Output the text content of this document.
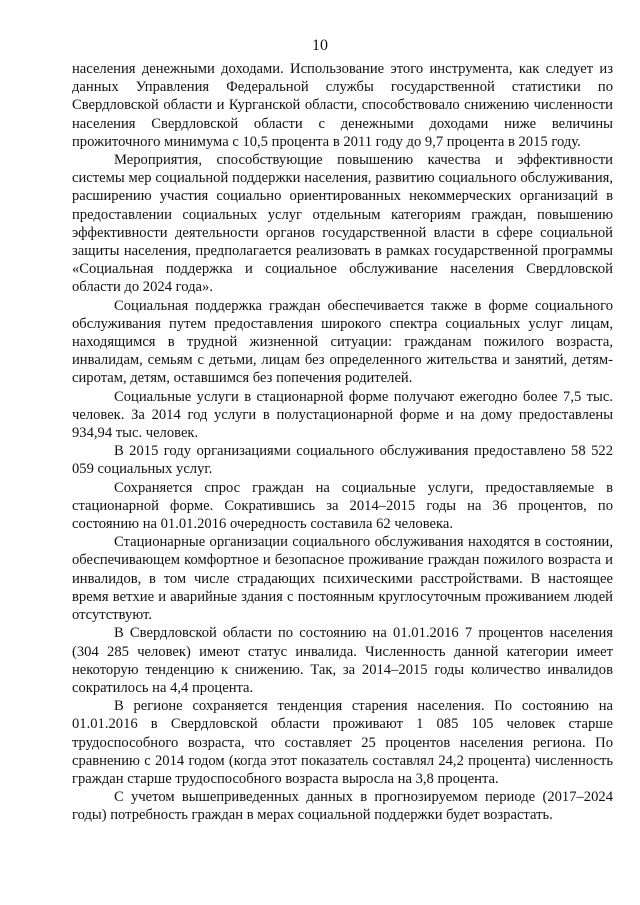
10

населения денежными доходами. Использование этого инструмента, как следует из данных Управления Федеральной службы государственной статистики по Свердловской области и Курганской области, способствовало снижению численности населения Свердловской области с денежными доходами ниже величины прожиточного минимума с 10,5 процента в 2011 году до 9,7 процента в 2015 году.

Мероприятия, способствующие повышению качества и эффективности системы мер социальной поддержки населения, развитию социального обслуживания, расширению участия социально ориентированных некоммерческих организаций в предоставлении социальных услуг отдельным категориям граждан, повышению эффективности деятельности органов государственной власти в сфере социальной защиты населения, предполагается реализовать в рамках государственной программы «Социальная поддержка и социальное обслуживание населения Свердловской области до 2024 года».

Социальная поддержка граждан обеспечивается также в форме социального обслуживания путем предоставления широкого спектра социальных услуг лицам, находящимся в трудной жизненной ситуации: гражданам пожилого возраста, инвалидам, семьям с детьми, лицам без определенного жительства и занятий, детям-сиротам, детям, оставшимся без попечения родителей.

Социальные услуги в стационарной форме получают ежегодно более 7,5 тыс. человек. За 2014 год услуги в полустационарной форме и на дому предоставлены 934,94 тыс. человек.

В 2015 году организациями социального обслуживания предоставлено 58 522 059 социальных услуг.

Сохраняется спрос граждан на социальные услуги, предоставляемые в стационарной форме. Сократившись за 2014–2015 годы на 36 процентов, по состоянию на 01.01.2016 очередность составила 62 человека.

Стационарные организации социального обслуживания находятся в состоянии, обеспечивающем комфортное и безопасное проживание граждан пожилого возраста и инвалидов, в том числе страдающих психическими расстройствами. В настоящее время ветхие и аварийные здания с постоянным круглосуточным проживанием людей отсутствуют.

В Свердловской области по состоянию на 01.01.2016 7 процентов населения (304 285 человек) имеют статус инвалида. Численность данной категории имеет некоторую тенденцию к снижению. Так, за 2014–2015 годы количество инвалидов сократилось на 4,4 процента.

В регионе сохраняется тенденция старения населения. По состоянию на 01.01.2016 в Свердловской области проживают 1 085 105 человек старше трудоспособного возраста, что составляет 25 процентов населения региона. По сравнению с 2014 годом (когда этот показатель составлял 24,2 процента) численность граждан старше трудоспособного возраста выросла на 3,8 процента.

С учетом вышеприведенных данных в прогнозируемом периоде (2017–2024 годы) потребность граждан в мерах социальной поддержки будет возрастать.
